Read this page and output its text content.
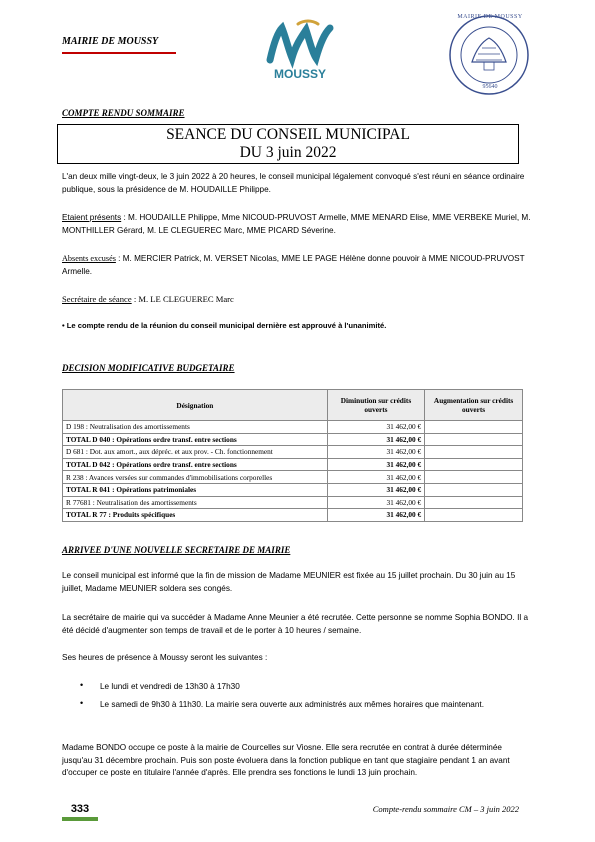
MAIRIE DE MOUSSY
MOUSSY
MAIRIE DE MOUSSY
95640
COMPTE RENDU SOMMAIRE
SEANCE DU CONSEIL MUNICIPAL
DU 3 juin 2022
L'an deux mille vingt-deux, le 3 juin 2022 à 20 heures, le conseil municipal légalement convoqué s'est réuni en séance ordinaire publique, sous la présidence de M. HOUDAILLE Philippe.
Etaient présents : M. HOUDAILLE Philippe, Mme NICOUD-PRUVOST Armelle, MME MENARD Elise, MME VERBEKE Muriel, M. MONTHILLER Gérard, M. LE CLEGUEREC Marc, MME PICARD Séverine.
Absents excusés : M. MERCIER Patrick, M. VERSET Nicolas, MME LE PAGE Hélène donne pouvoir à MME NICOUD-PRUVOST Armelle.
Secrétaire de séance : M. LE CLEGUEREC Marc
• Le compte rendu de la réunion du conseil municipal dernière est approuvé à l'unanimité.
DECISION MODIFICATIVE BUDGETAIRE
Désignation	Diminution sur crédits ouverts	Augmentation sur crédits ouverts
D 198 : Neutralisation des amortissements	31 462,00 €	
TOTAL D 040 : Opérations ordre transf. entre sections	31 462,00 €	
D 681 : Dot. aux amort., aux dépréc. et aux prov. - Ch. fonctionnement	31 462,00 €	
TOTAL D 042 : Opérations ordre transf. entre sections	31 462,00 €	
R 238 : Avances versées sur commandes d'immobilisations corporelles	31 462,00 €	
TOTAL R 041 : Opérations patrimoniales	31 462,00 €	
R 77681 : Neutralisation des amortissements	31 462,00 €	
TOTAL R 77 : Produits spécifiques	31 462,00 €	
ARRIVEE D'UNE NOUVELLE SECRETAIRE DE MAIRIE
Le conseil municipal est informé que la fin de mission de Madame MEUNIER est fixée au 15 juillet prochain. Du 30 juin au 15 juillet, Madame MEUNIER soldera ses congés.
La secrétaire de mairie qui va succéder à Madame Anne Meunier a été recrutée. Cette personne se nomme Sophia BONDO. Il a été décidé d'augmenter son temps de travail et de le porter à 10 heures / semaine.
Ses heures de présence à Moussy seront les suivantes :
• Le lundi et vendredi de 13h30 à 17h30
• Le samedi de 9h30 à 11h30. La mairie sera ouverte aux administrés aux mêmes horaires que maintenant.
Madame BONDO occupe ce poste à la mairie de Courcelles sur Viosne. Elle sera recrutée en contrat à durée déterminée jusqu'au 31 décembre prochain. Puis son poste évoluera dans la fonction publique en tant que stagiaire pendant 1 an avant d'occuper ce poste en titulaire l'année d'après. Elle prendra ses fonctions le lundi 13 juin prochain.
333	Compte-rendu sommaire CM – 3 juin 2022
